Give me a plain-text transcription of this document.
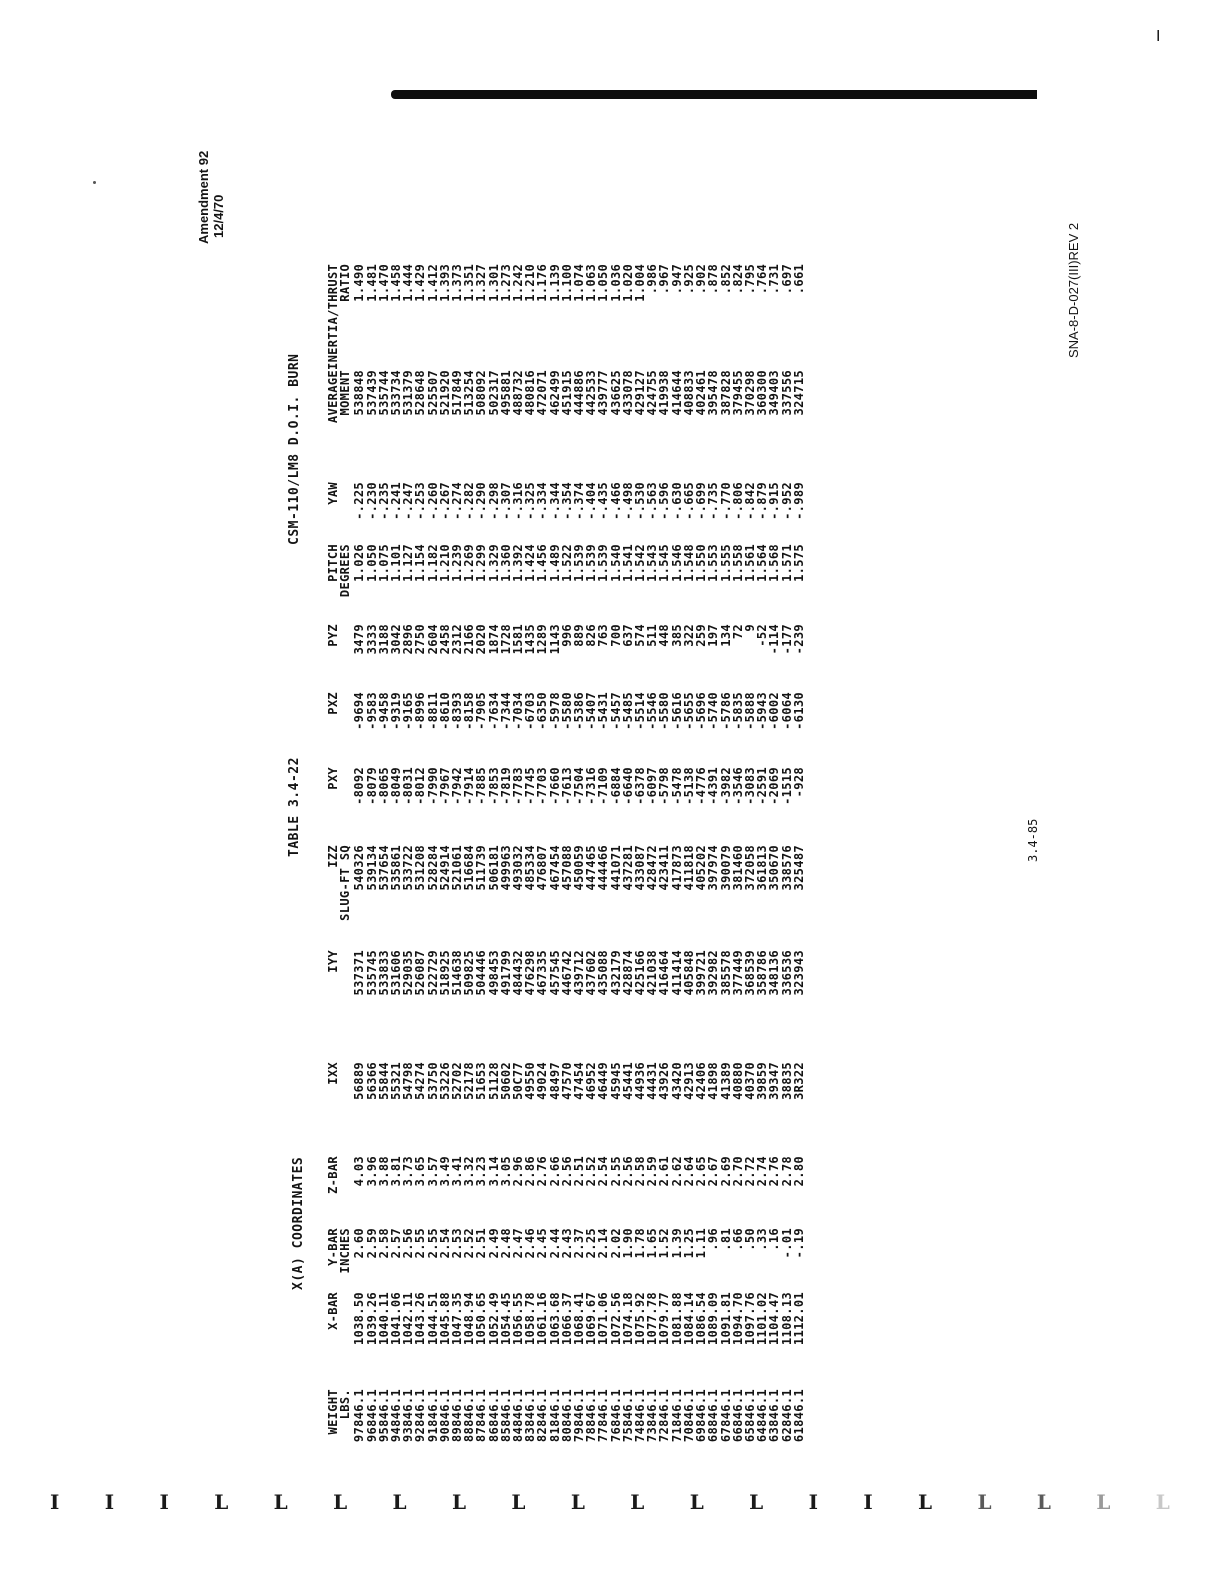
I
Amendment 92 12/4/70
SNA-8-D-027(III)REV 2
3.4-85
TABLE 3.4-22
CSM-110/LM8 D.O.I. BURN
X(A) COORDINATES
WEIGHT	X-BAR	Y-BAR	Z-BAR	IXX	IYY	IZZ	PXY	PXZ	PYZ	PITCH	YAW	AVERAGE	INERTIA/THRUST
LBS.		INCHES				SLUG-FT SQ				DEGREES		MOMENT	RATIO
97846.1	1038.50	2.60	4.03	56889	537371	540326	-8092	-9694	3479	1.026	-.225	538848	1.490
96846.1	1039.26	2.59	3.96	56366	535745	539134	-8079	-9583	3333	1.050	-.230	537439	1.481
95846.1	1040.11	2.58	3.88	55844	533833	537654	-8065	-9458	3188	1.075	-.235	535744	1.470
94846.1	1041.06	2.57	3.81	55321	531606	535861	-8049	-9319	3042	1.101	-.241	533734	1.458
93846.1	1042.11	2.56	3.73	54798	529035	533722	-8031	-9165	2896	1.127	-.247	531379	1.444
92846.1	1043.26	2.55	3.65	54274	526087	531208	-8012	-8996	2750	1.154	-.253	528648	1.429
91846.1	1044.51	2.55	3.57	53750	522729	528284	-7990	-8811	2604	1.182	-.260	525507	1.412
90846.1	1045.88	2.54	3.49	53226	518925	524914	-7967	-8610	2458	1.210	-.267	521920	1.393
89846.1	1047.35	2.53	3.41	52702	514638	521061	-7942	-8393	2312	1.239	-.274	517849	1.373
88846.1	1048.94	2.52	3.32	52178	509825	516684	-7914	-8158	2166	1.269	-.282	513254	1.351
87846.1	1050.65	2.51	3.23	51653	504446	511739	-7885	-7905	2020	1.299	-.290	508092	1.327
86846.1	1052.49	2.49	3.14	51128	498453	506181	-7853	-7634	1874	1.329	-.298	502317	1.301
85846.1	1054.45	2.48	3.05	50602	491799	499963	-7819	-7344	1728	1.360	-.307	495881	1.273
84846.1	1056.55	2.47	2.96	50C77	484432	493032	-7783	-7034	1581	1.392	-.316	488732	1.242
83846.1	1058.78	2.46	2.86	49550	476298	485334	-7745	-6703	1435	1.424	-.325	480816	1.210
82846.1	1061.16	2.45	2.76	49024	467335	476807	-7703	-6350	1289	1.456	-.334	472071	1.176
81846.1	1063.68	2.44	2.66	48497	457545	467454	-7660	-5978	1143	1.489	-.344	462499	1.139
80846.1	1066.37	2.43	2.56	47570	446742	457088	-7613	-5580	996	1.522	-.354	451915	1.100
79846.1	1068.41	2.37	2.51	47454	439712	450059	-7504	-5386	889	1.539	-.374	444886	1.074
78846.1	1069.67	2.25	2.52	46952	437602	447465	-7316	-5407	826	1.539	-.404	442533	1.063
77846.1	1071.06	2.14	2.54	46449	435088	444466	-7109	-5431	763	1.539	-.435	439777	1.050
76846.1	1072.56	2.02	2.55	45945	432179	441071	-6884	-5457	700	1.540	-.466	436625	1.036
75846.1	1074.18	1.90	2.56	45441	428874	437281	-6640	-5485	637	1.541	-.498	433078	1.020
74846.1	1075.92	1.78	2.58	44936	425166	433087	-6378	-5514	574	1.542	-.530	429127	1.004
73846.1	1077.78	1.65	2.59	44431	421038	428472	-6097	-5546	511	1.543	-.563	424755	.986
72846.1	1079.77	1.52	2.61	43926	416464	423411	-5798	-5580	448	1.545	-.596	419938	.967
71846.1	1081.88	1.39	2.62	43420	411414	417873	-5478	-5616	385	1.546	-.630	414644	.947
70846.1	1084.14	1.25	2.64	42913	405848	411818	-5138	-5655	322	1.548	-.665	408833	.925
69846.1	1086.54	1.11	2.65	42406	399721	405202	-4776	-5696	259	1.550	-.699	402461	.902
68846.1	1089.09	.96	2.67	41898	392982	397974	-4391	-5740	197	1.553	-.735	395478	.878
67846.1	1091.81	.81	2.69	41389	385578	390079	-3982	-5786	134	1.555	-.770	387828	.852
66846.1	1094.70	.66	2.70	40880	377449	381460	-3546	-5835	72	1.558	-.806	379455	.824
65846.1	1097.76	.50	2.72	40370	368539	372058	-3083	-5888	9	1.561	-.842	370298	.795
64846.1	1101.02	.33	2.74	39859	358786	361813	-2591	-5943	-52	1.564	-.879	360300	.764
63846.1	1104.47	.16	2.76	39347	348136	350670	-2069	-6002	-114	1.568	-.915	349403	.731
62846.1	1108.13	-.01	2.78	38835	336536	338576	-1515	-6064	-177	1.571	-.952	337556	.697
61846.1	1112.01	-.19	2.80	3R322	323943	325487	-928	-6130	-239	1.575	-.989	324715	.661
I I I L L L L L L L L L L I I L L L L L
